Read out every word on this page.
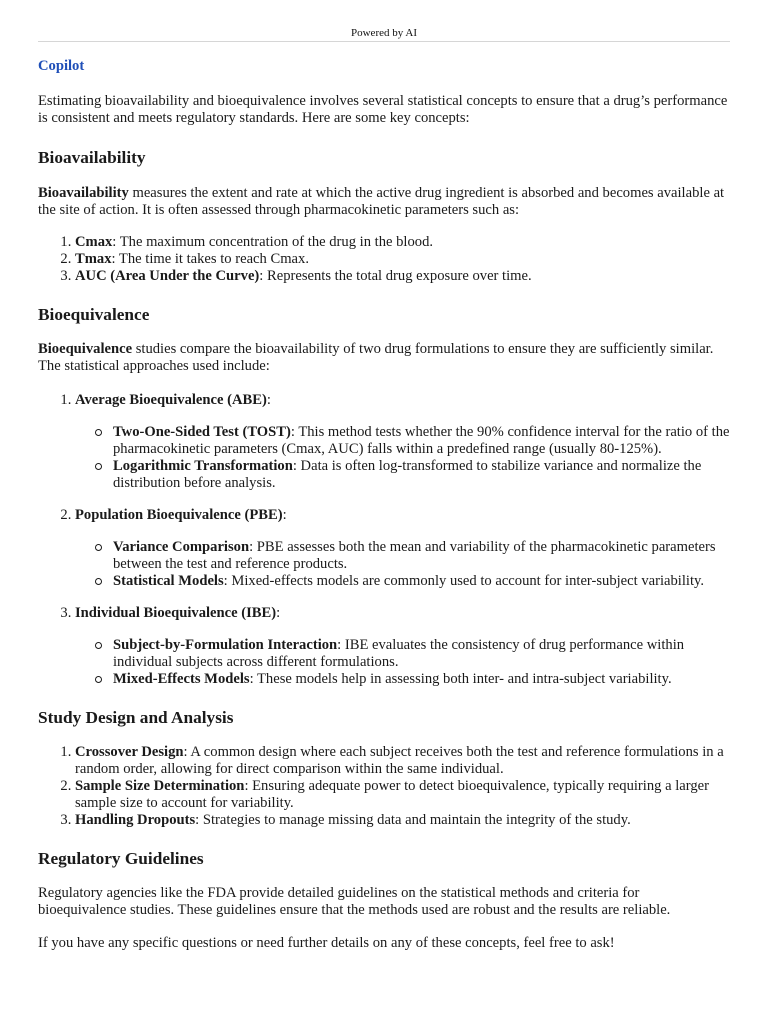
Powered by AI
Copilot

Estimating bioavailability and bioequivalence involves several statistical concepts to ensure that a drug’s performance is consistent and meets regulatory standards. Here are some key concepts:

Bioavailability

Bioavailability measures the extent and rate at which the active drug ingredient is absorbed and becomes available at the site of action. It is often assessed through pharmacokinetic parameters such as:

1. Cmax: The maximum concentration of the drug in the blood.
2. Tmax: The time it takes to reach Cmax.
3. AUC (Area Under the Curve): Represents the total drug exposure over time.
Bioequivalence

Bioequivalence studies compare the bioavailability of two drug formulations to ensure they are sufficiently similar. The statistical approaches used include:

1. Average Bioequivalence (ABE):
Two-One-Sided Test (TOST): This method tests whether the 90% confidence interval for the ratio of the pharmacokinetic parameters (Cmax, AUC) falls within a predefined range (usually 80-125%).
Logarithmic Transformation: Data is often log-transformed to stabilize variance and normalize the distribution before analysis.
2. Population Bioequivalence (PBE):
Variance Comparison: PBE assesses both the mean and variability of the pharmacokinetic parameters between the test and reference products.
Statistical Models: Mixed-effects models are commonly used to account for inter-subject variability.
3. Individual Bioequivalence (IBE):
Subject-by-Formulation Interaction: IBE evaluates the consistency of drug performance within individual subjects across different formulations.
Mixed-Effects Models: These models help in assessing both inter- and intra-subject variability.
Study Design and Analysis
1. Crossover Design: A common design where each subject receives both the test and reference formulations in a random order, allowing for direct comparison within the same individual.
2. Sample Size Determination: Ensuring adequate power to detect bioequivalence, typically requiring a larger sample size to account for variability.
3. Handling Dropouts: Strategies to manage missing data and maintain the integrity of the study.
Regulatory Guidelines

Regulatory agencies like the FDA provide detailed guidelines on the statistical methods and criteria for bioequivalence studies. These guidelines ensure that the methods used are robust and the results are reliable.

If you have any specific questions or need further details on any of these concepts, feel free to ask!
